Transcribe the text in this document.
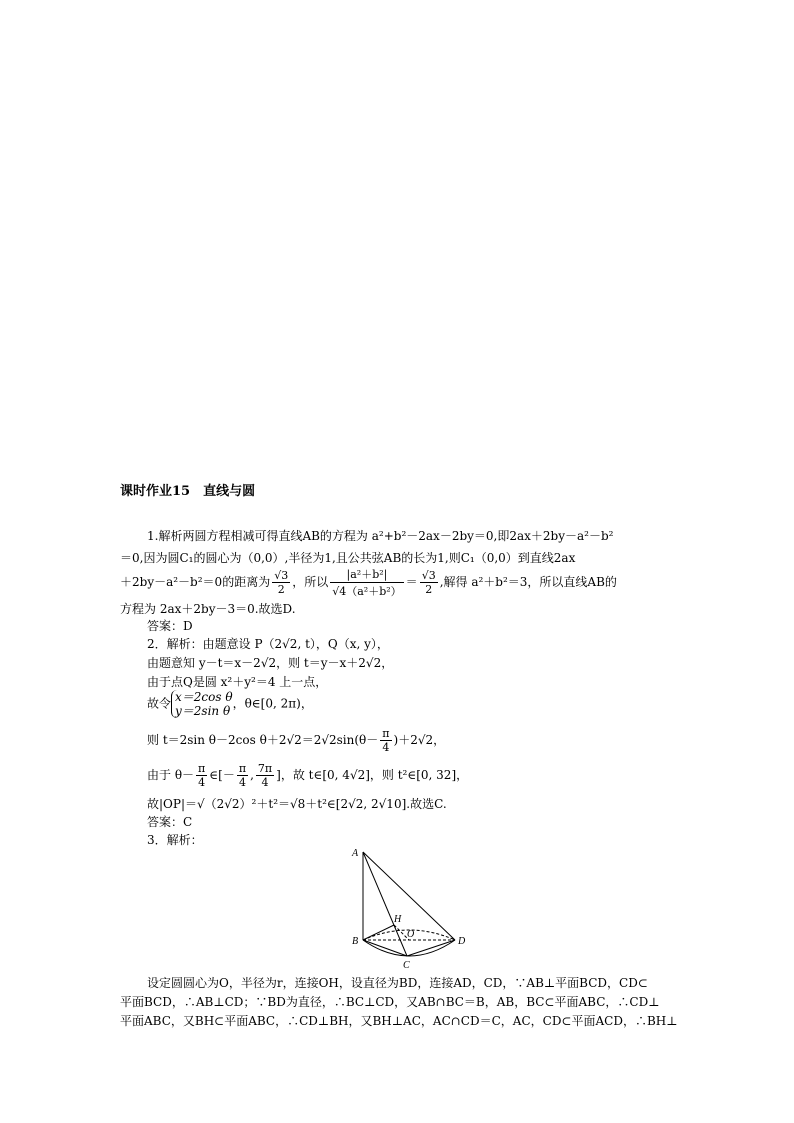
课时作业15　直线与圆
1.解析两圆方程相减可得直线AB的方程为 a²+b²－2ax－2by＝0,即2ax＋2by－a²－b²
＝0,因为圆C₁的圆心为（0,0）,半径为1,且公共弦AB的长为1,则C₁（0,0）到直线2ax
＋2by－a²－b²＝0的距离为 $\frac{√3}{2}$ ，所以 $\frac{\text{|a²＋b²|}}{\text{√4（a²＋b²）}} = \frac{√3}{2}$ ,解得 a²＋b²＝3，所以直线AB的
方程为 2ax＋2by－3＝0.故选D.
答案：D
2．解析：由题意设 P（2√2, t），Q（x, y），
由题意知 y－t＝x－2√2，则 t＝y－x＋2√2，
由于点Q是圆 x²＋y²＝4 上一点，
故令 x＝2cos θ
y＝2sin θ，θ∈[0, 2π)，
则 t＝2sin θ－2cos $\theta+2√2=2√2\sin(\theta- \frac{\pi}{4} )+2√2$，
由于 $\theta- \frac{\pi}{4}$ ∈[－ $\frac{\pi}{4}$ , $\frac{7\pi}{4}$ ]，故 t∈[0, 4√2]，则 t²∈[0, 32]，
故|OP|＝√（2√2）²＋t²＝√8＋t²∈[2√2, 2√10].故选C.
答案：C
3．解析：
A
B
C
D
H
O
设定圆圆心为O，半径为r，连接OH，设直径为BD，连接AD，CD，∵AB⊥平面BCD，CD⊂
平面BCD，∴AB⊥CD；∵BD为直径，∴BC⊥CD，又AB∩BC＝B，AB，BC⊂平面ABC，∴CD⊥
平面ABC，又BH⊂平面ABC，∴CD⊥BH，又BH⊥AC，AC∩CD＝C，AC，CD⊂平面ACD，∴BH⊥
